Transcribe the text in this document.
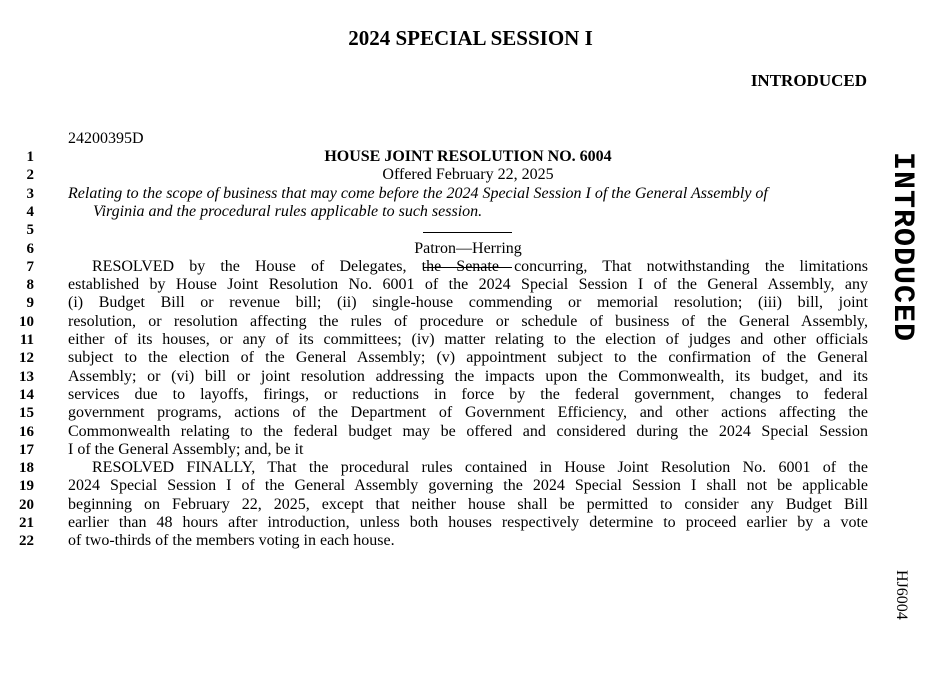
2024 SPECIAL SESSION I
INTRODUCED
24200395D
1
2
3
4
5
6
7
8
9
10
11
12
13
14
15
16
17
18
19
20
21
22
HOUSE JOINT RESOLUTION NO. 6004
Offered February 22, 2025
Relating to the scope of business that may come before the 2024 Special Session I of the General Assembly of
Virginia and the procedural rules applicable to such session.
Patron—Herring
RESOLVED by the House of Delegates, the Senate concurring, That notwithstanding the limitations
established by House Joint Resolution No. 6001 of the 2024 Special Session I of the General Assembly, any
(i) Budget Bill or revenue bill; (ii) single-house commending or memorial resolution; (iii) bill, joint
resolution, or resolution affecting the rules of procedure or schedule of business of the General Assembly,
either of its houses, or any of its committees; (iv) matter relating to the election of judges and other officials
subject to the election of the General Assembly; (v) appointment subject to the confirmation of the General
Assembly; or (vi) bill or joint resolution addressing the impacts upon the Commonwealth, its budget, and its
services due to layoffs, firings, or reductions in force by the federal government, changes to federal
government programs, actions of the Department of Government Efficiency, and other actions affecting the
Commonwealth relating to the federal budget may be offered and considered during the 2024 Special Session
I of the General Assembly; and, be it
RESOLVED FINALLY, That the procedural rules contained in House Joint Resolution No. 6001 of the
2024 Special Session I of the General Assembly governing the 2024 Special Session I shall not be applicable
beginning on February 22, 2025, except that neither house shall be permitted to consider any Budget Bill
earlier than 48 hours after introduction, unless both houses respectively determine to proceed earlier by a vote
of two-thirds of the members voting in each house.
INTRODUCED
HJ6004
